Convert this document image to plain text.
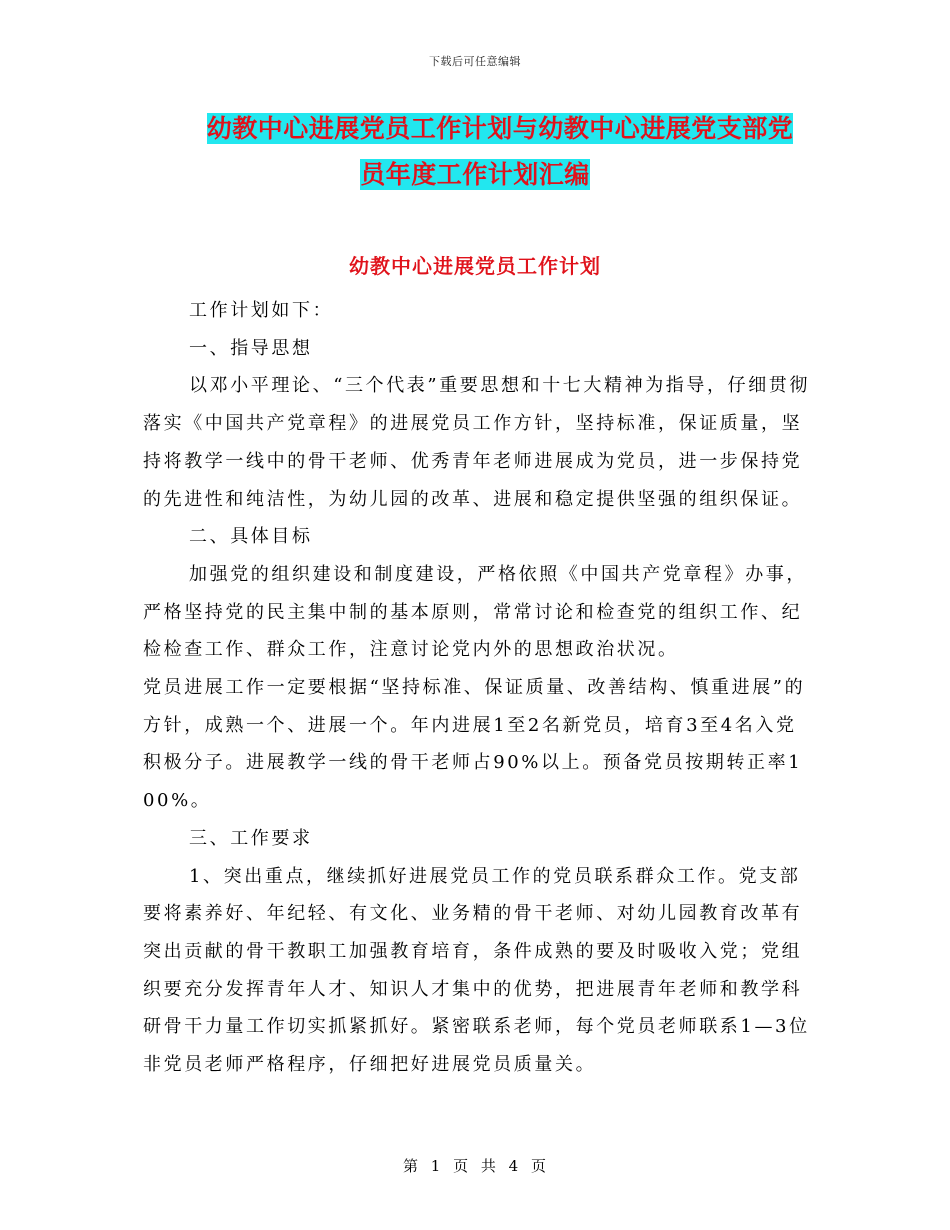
下载后可任意编辑
幼教中心进展党员工作计划与幼教中心进展党支部党
员年度工作计划汇编
幼教中心进展党员工作计划

工作计划如下：

一、指导思想

以邓小平理论、“三个代表”重要思想和十七大精神为指导，仔细贯彻落实《中国共产党章程》的进展党员工作方针，坚持标准，保证质量，坚持将教学一线中的骨干老师、优秀青年老师进展成为党员，进一步保持党的先进性和纯洁性，为幼儿园的改革、进展和稳定提供坚强的组织保证。

二、具体目标

加强党的组织建设和制度建设，严格依照《中国共产党章程》办事，严格坚持党的民主集中制的基本原则，常常讨论和检查党的组织工作、纪检检查工作、群众工作，注意讨论党内外的思想政治状况。

党员进展工作一定要根据“坚持标准、保证质量、改善结构、慎重进展”的方针，成熟一个、进展一个。年内进展1至2名新党员，培育3至4名入党积极分子。进展教学一线的骨干老师占90%以上。预备党员按期转正率100%。

三、工作要求

1、突出重点，继续抓好进展党员工作的党员联系群众工作。党支部要将素养好、年纪轻、有文化、业务精的骨干老师、对幼儿园教育改革有突出贡献的骨干教职工加强教育培育，条件成熟的要及时吸收入党；党组织要充分发挥青年人才、知识人才集中的优势，把进展青年老师和教学科研骨干力量工作切实抓紧抓好。紧密联系老师，每个党员老师联系1—3位非党员老师严格程序，仔细把好进展党员质量关。

第 1 页 共 4 页
